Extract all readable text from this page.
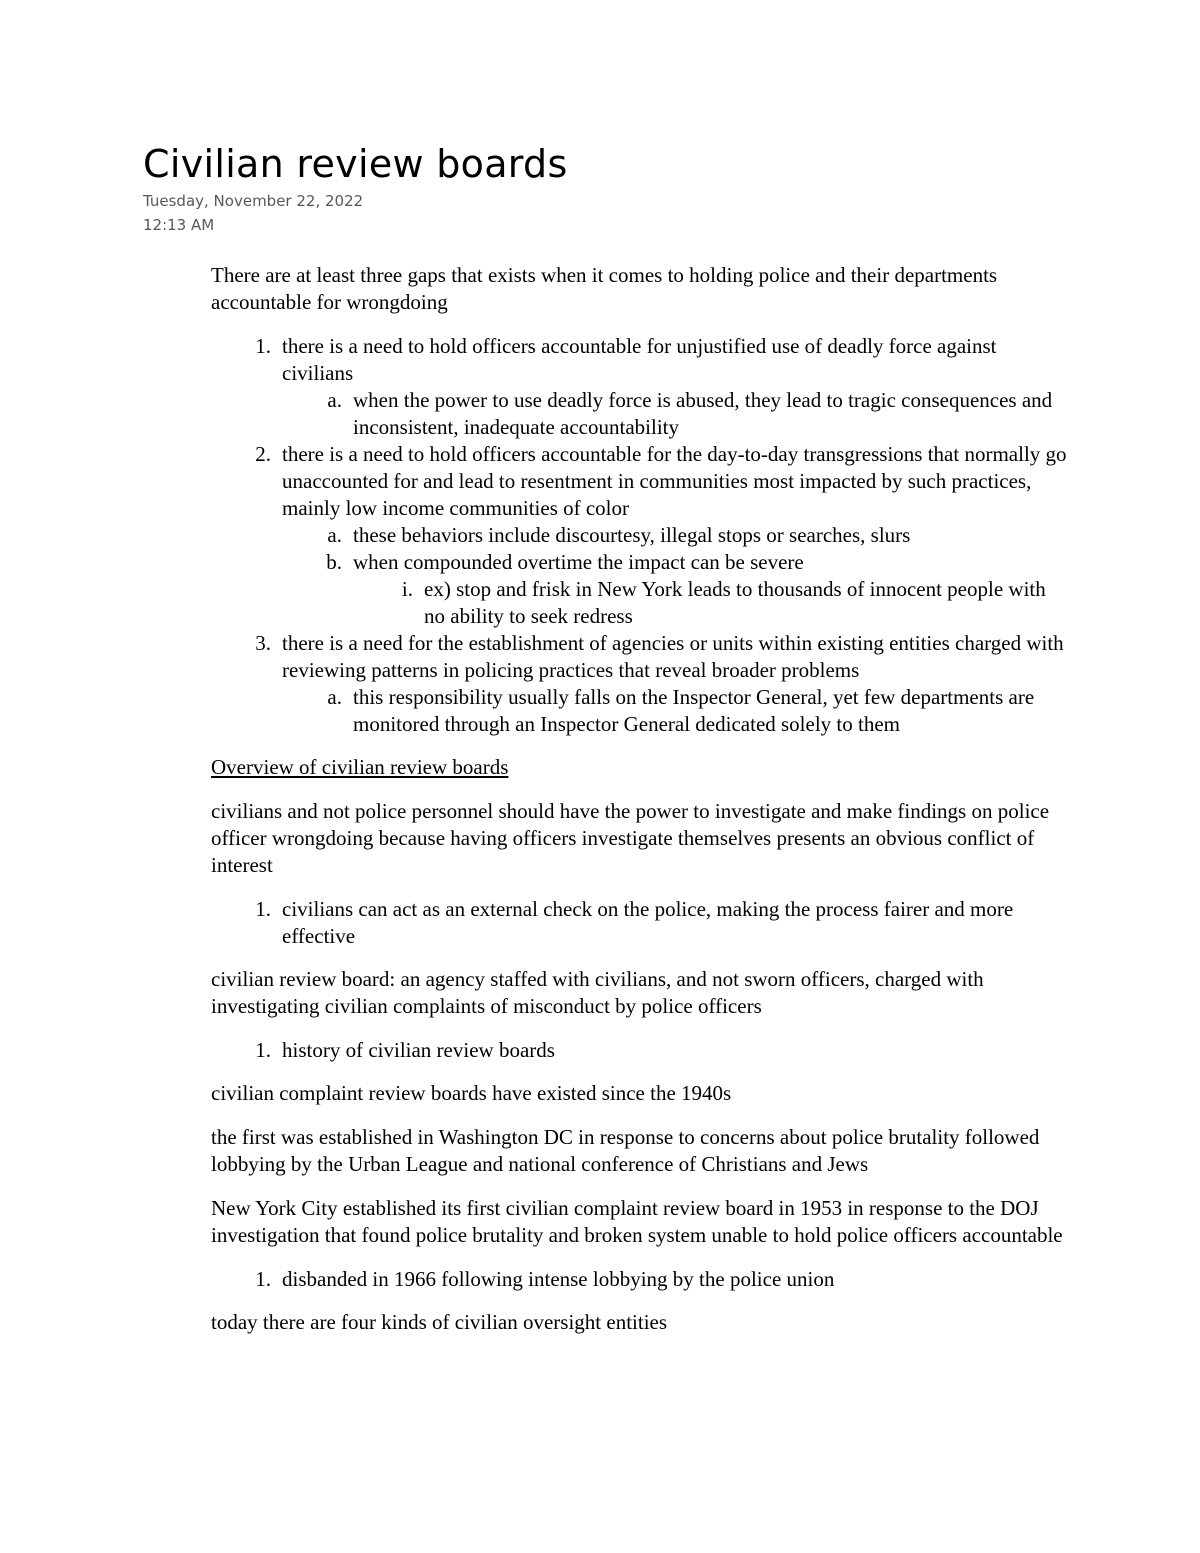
Civilian review boards
Tuesday, November 22, 2022
12:13 AM

There are at least three gaps that exists when it comes to holding police and their departments accountable for wrongdoing

1. there is a need to hold officers accountable for unjustified use of deadly force against civilians
a. when the power to use deadly force is abused, they lead to tragic consequences and inconsistent, inadequate accountability
2. there is a need to hold officers accountable for the day-to-day transgressions that normally go unaccounted for and lead to resentment in communities most impacted by such practices, mainly low income communities of color
a. these behaviors include discourtesy, illegal stops or searches, slurs
b. when compounded overtime the impact can be severe
i. ex) stop and frisk in New York leads to thousands of innocent people with no ability to seek redress
3. there is a need for the establishment of agencies or units within existing entities charged with reviewing patterns in policing practices that reveal broader problems
a. this responsibility usually falls on the Inspector General, yet few departments are monitored through an Inspector General dedicated solely to them

Overview of civilian review boards

civilians and not police personnel should have the power to investigate and make findings on police officer wrongdoing because having officers investigate themselves presents an obvious conflict of interest

1. civilians can act as an external check on the police, making the process fairer and more effective

civilian review board: an agency staffed with civilians, and not sworn officers, charged with investigating civilian complaints of misconduct by police officers

1. history of civilian review boards

civilian complaint review boards have existed since the 1940s

the first was established in Washington DC in response to concerns about police brutality followed lobbying by the Urban League and national conference of Christians and Jews

New York City established its first civilian complaint review board in 1953 in response to the DOJ investigation that found police brutality and broken system unable to hold police officers accountable

1. disbanded in 1966 following intense lobbying by the police union

today there are four kinds of civilian oversight entities
